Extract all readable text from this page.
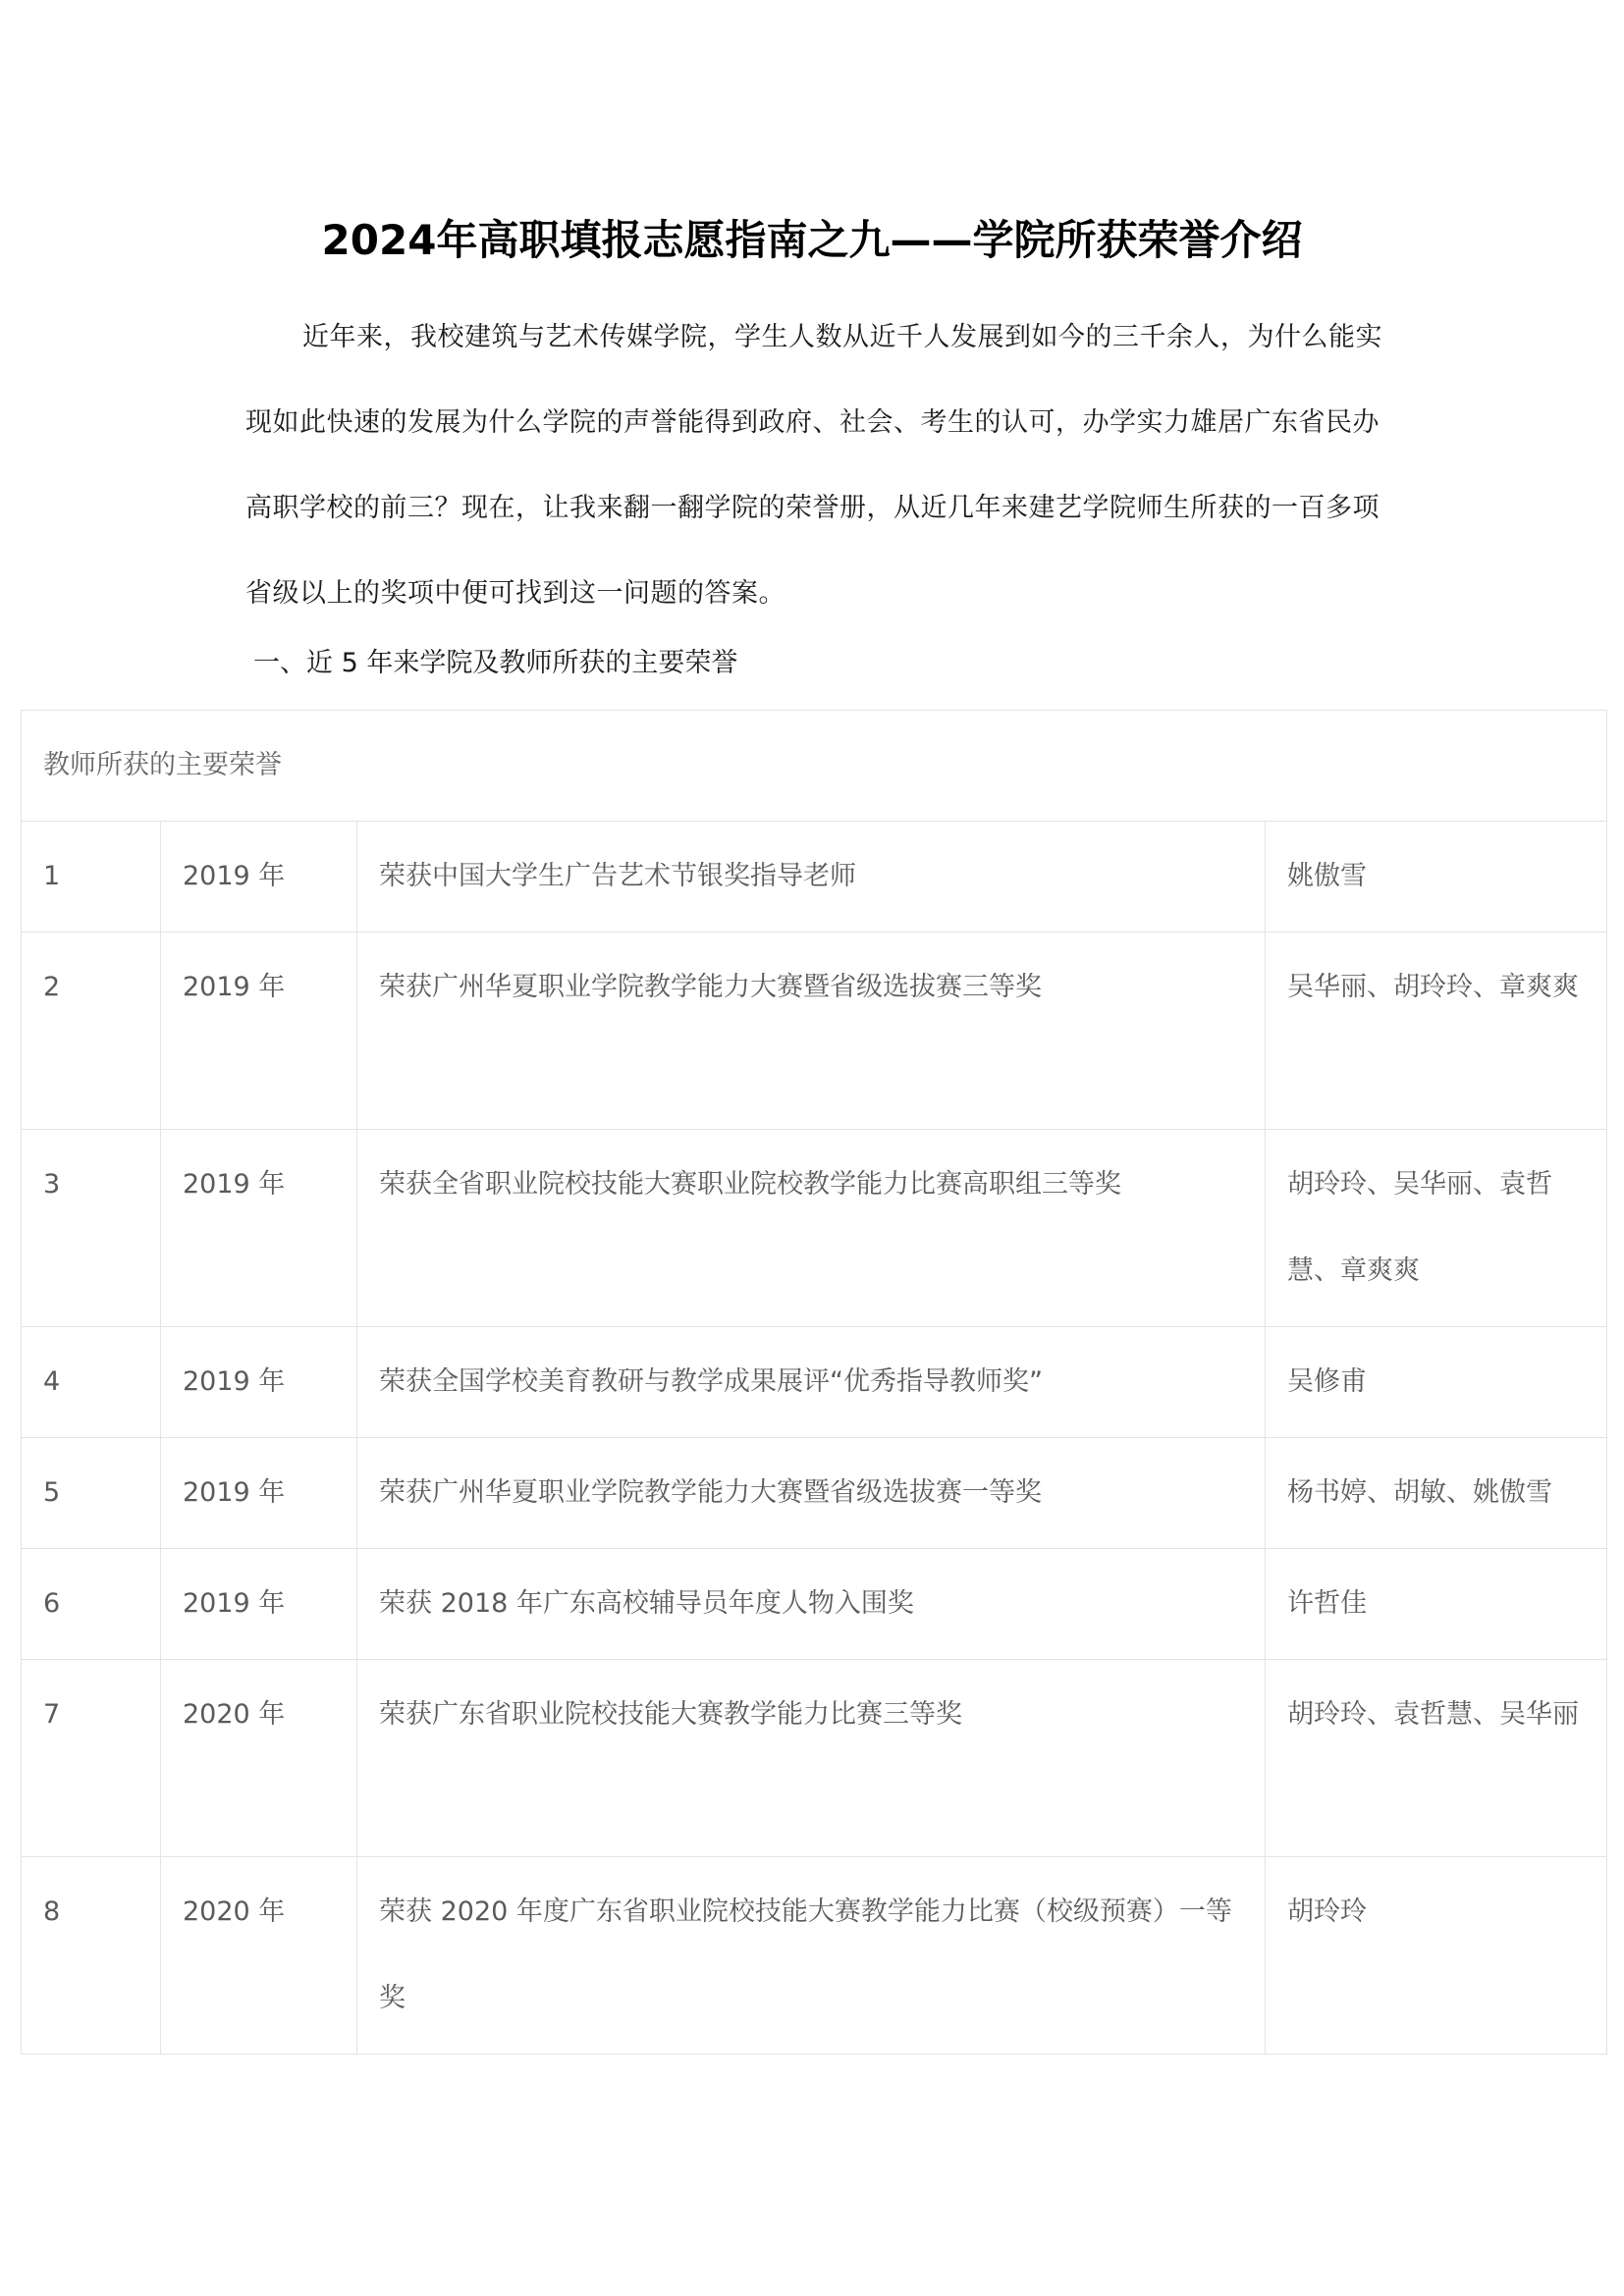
2024年高职填报志愿指南之九——学院所获荣誉介绍

近年来，我校建筑与艺术传媒学院，学生人数从近千人发展到如今的三千余人，为什么能实现如此快速的发展为什么学院的声誉能得到政府、社会、考生的认可，办学实力雄居广东省民办高职学校的前三？现在，让我来翻一翻学院的荣誉册，从近几年来建艺学院师生所获的一百多项省级以上的奖项中便可找到这一问题的答案。

一、近 5 年来学院及教师所获的主要荣誉
教师所获的主要荣誉			
1	2019 年	荣获中国大学生广告艺术节银奖指导老师	姚傲雪

2	2019 年	荣获广州华夏职业学院教学能力大赛暨省级选拔赛三等奖	吴华丽、胡玲玲、章爽爽

3	2019 年	荣获全省职业院校技能大赛职业院校教学能力比赛高职组三等奖	胡玲玲、吴华丽、袁哲慧、章爽爽

4	2019 年	荣获全国学校美育教研与教学成果展评“优秀指导教师奖”	吴修甫
5	2019 年	荣获广州华夏职业学院教学能力大赛暨省级选拔赛一等奖	杨书婷、胡敏、姚傲雪
6	2019 年	荣获 2018 年广东高校辅导员年度人物入围奖	许哲佳

7	2020 年	荣获广东省职业院校技能大赛教学能力比赛三等奖	胡玲玲、袁哲慧、吴华丽

8	2020 年	荣获 2020 年度广东省职业院校技能大赛教学能力比赛（校级预赛）一等奖	胡玲玲
